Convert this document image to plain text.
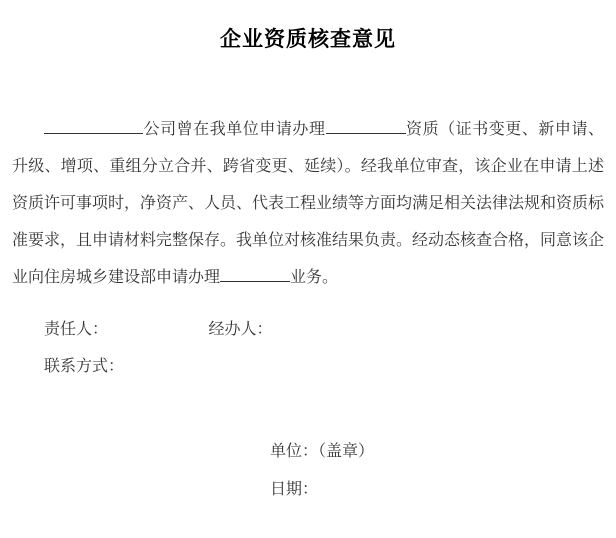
企业资质核查意见

公司曾在我单位申请办理	资质（证书变更、新申请、升级、增项、重组分立合并、跨省变更、延续）。经我单位审查，该企业在申请上述资质许可事项时，净资产、人员、代表工程业绩等方面均满足相关法律法规和资质标准要求，且申请材料完整保存。我单位对核准结果负责。经动态核查合格，同意该企业向住房城乡建设部申请办理	业务。

责任人：	经办人：
联系方式：
单位：（盖章）
日期：
